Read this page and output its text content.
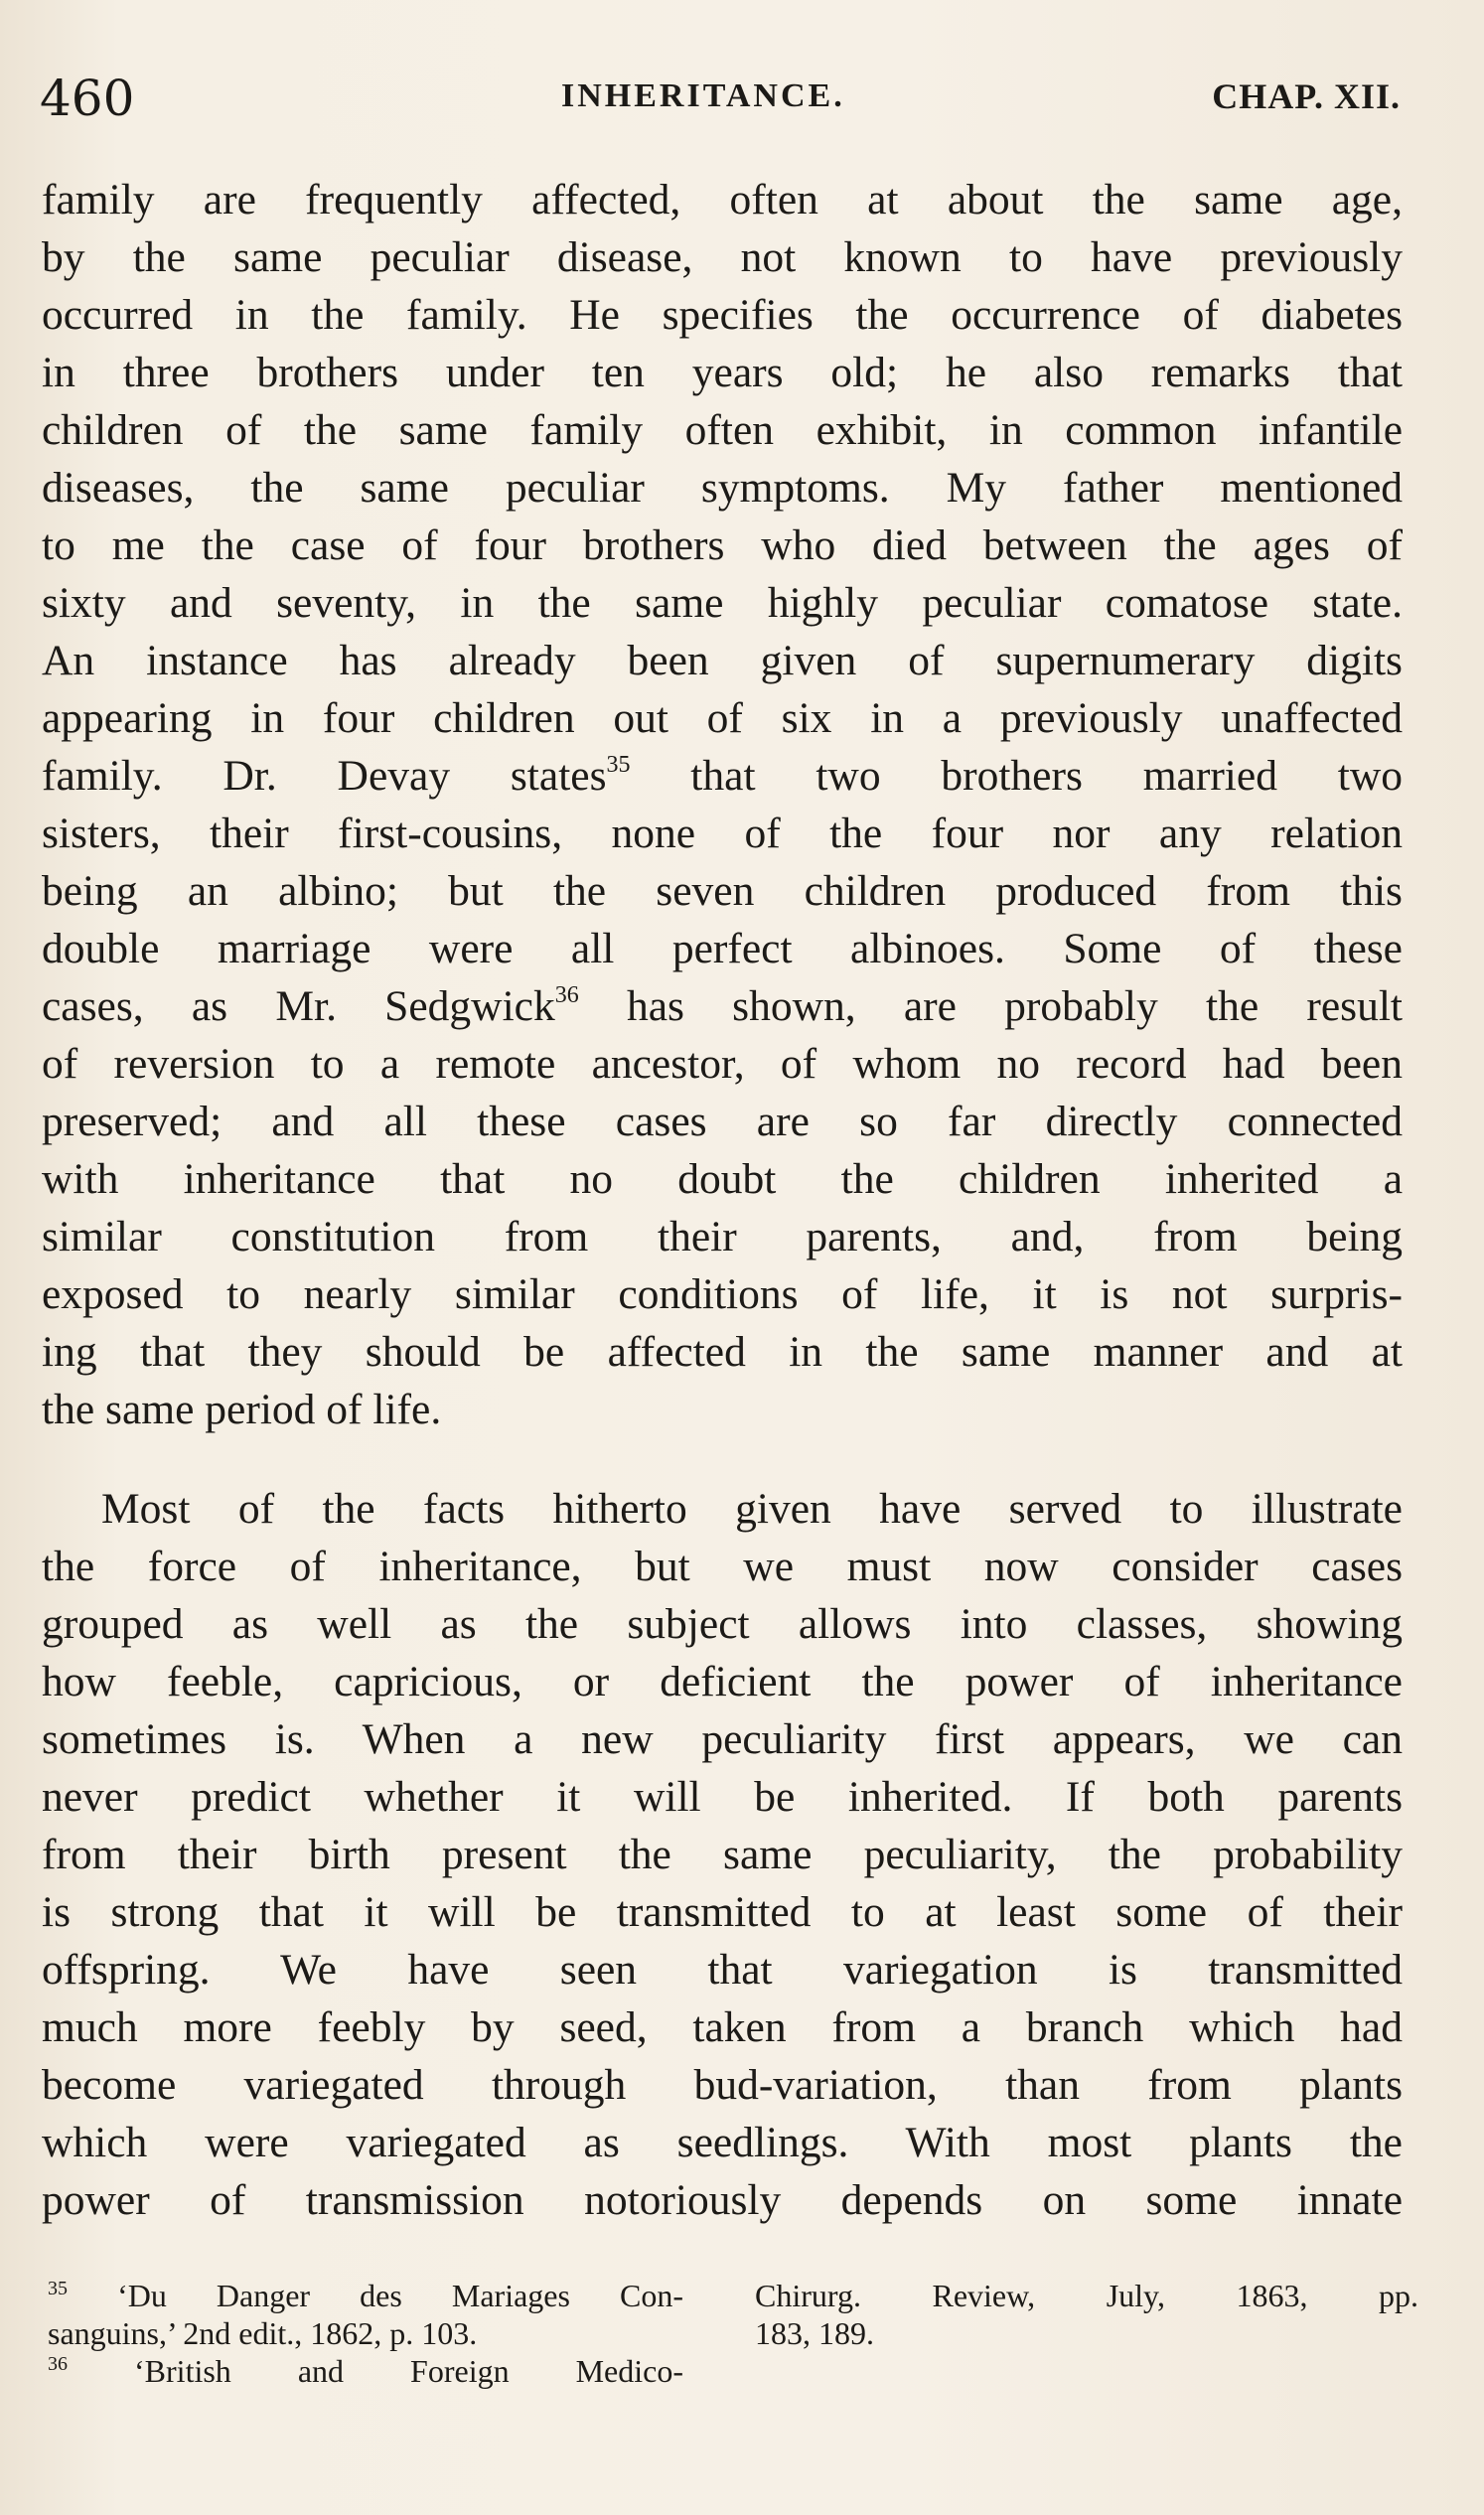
460	INHERITANCE.	CHAP. XII.
family are frequently affected, often at about the same age,
by the same peculiar disease, not known to have previously
occurred in the family. He specifies the occurrence of diabetes
in three brothers under ten years old; he also remarks that
children of the same family often exhibit, in common infantile
diseases, the same peculiar symptoms. My father mentioned
to me the case of four brothers who died between the ages of
sixty and seventy, in the same highly peculiar comatose state.
An instance has already been given of supernumerary digits
appearing in four children out of six in a previously unaffected
family. Dr. Devay states$^{35}$ that two brothers married two
sisters, their first-cousins, none of the four nor any relation
being an albino; but the seven children produced from this
double marriage were all perfect albinoes. Some of these
cases, as Mr. Sedgwick$^{36}$ has shown, are probably the result
of reversion to a remote ancestor, of whom no record had been
preserved; and all these cases are so far directly connected
with inheritance that no doubt the children inherited a
similar constitution from their parents, and, from being
exposed to nearly similar conditions of life, it is not surpris-
ing that they should be affected in the same manner and at
the same period of life.
Most of the facts hitherto given have served to illustrate
the force of inheritance, but we must now consider cases
grouped as well as the subject allows into classes, showing
how feeble, capricious, or deficient the power of inheritance
sometimes is. When a new peculiarity first appears, we can
never predict whether it will be inherited. If both parents
from their birth present the same peculiarity, the probability
is strong that it will be transmitted to at least some of their
offspring. We have seen that variegation is transmitted
much more feebly by seed, taken from a branch which had
become variegated through bud-variation, than from plants
which were variegated as seedlings. With most plants the
power of transmission notoriously depends on some innate
$^{35}$ ‘Du Danger des Mariages Con-
sanguins,’ 2nd edit., 1862, p. 103.
$^{36}$ ‘British and Foreign Medico-
Chirurg. Review, July, 1863, pp.
183, 189.
